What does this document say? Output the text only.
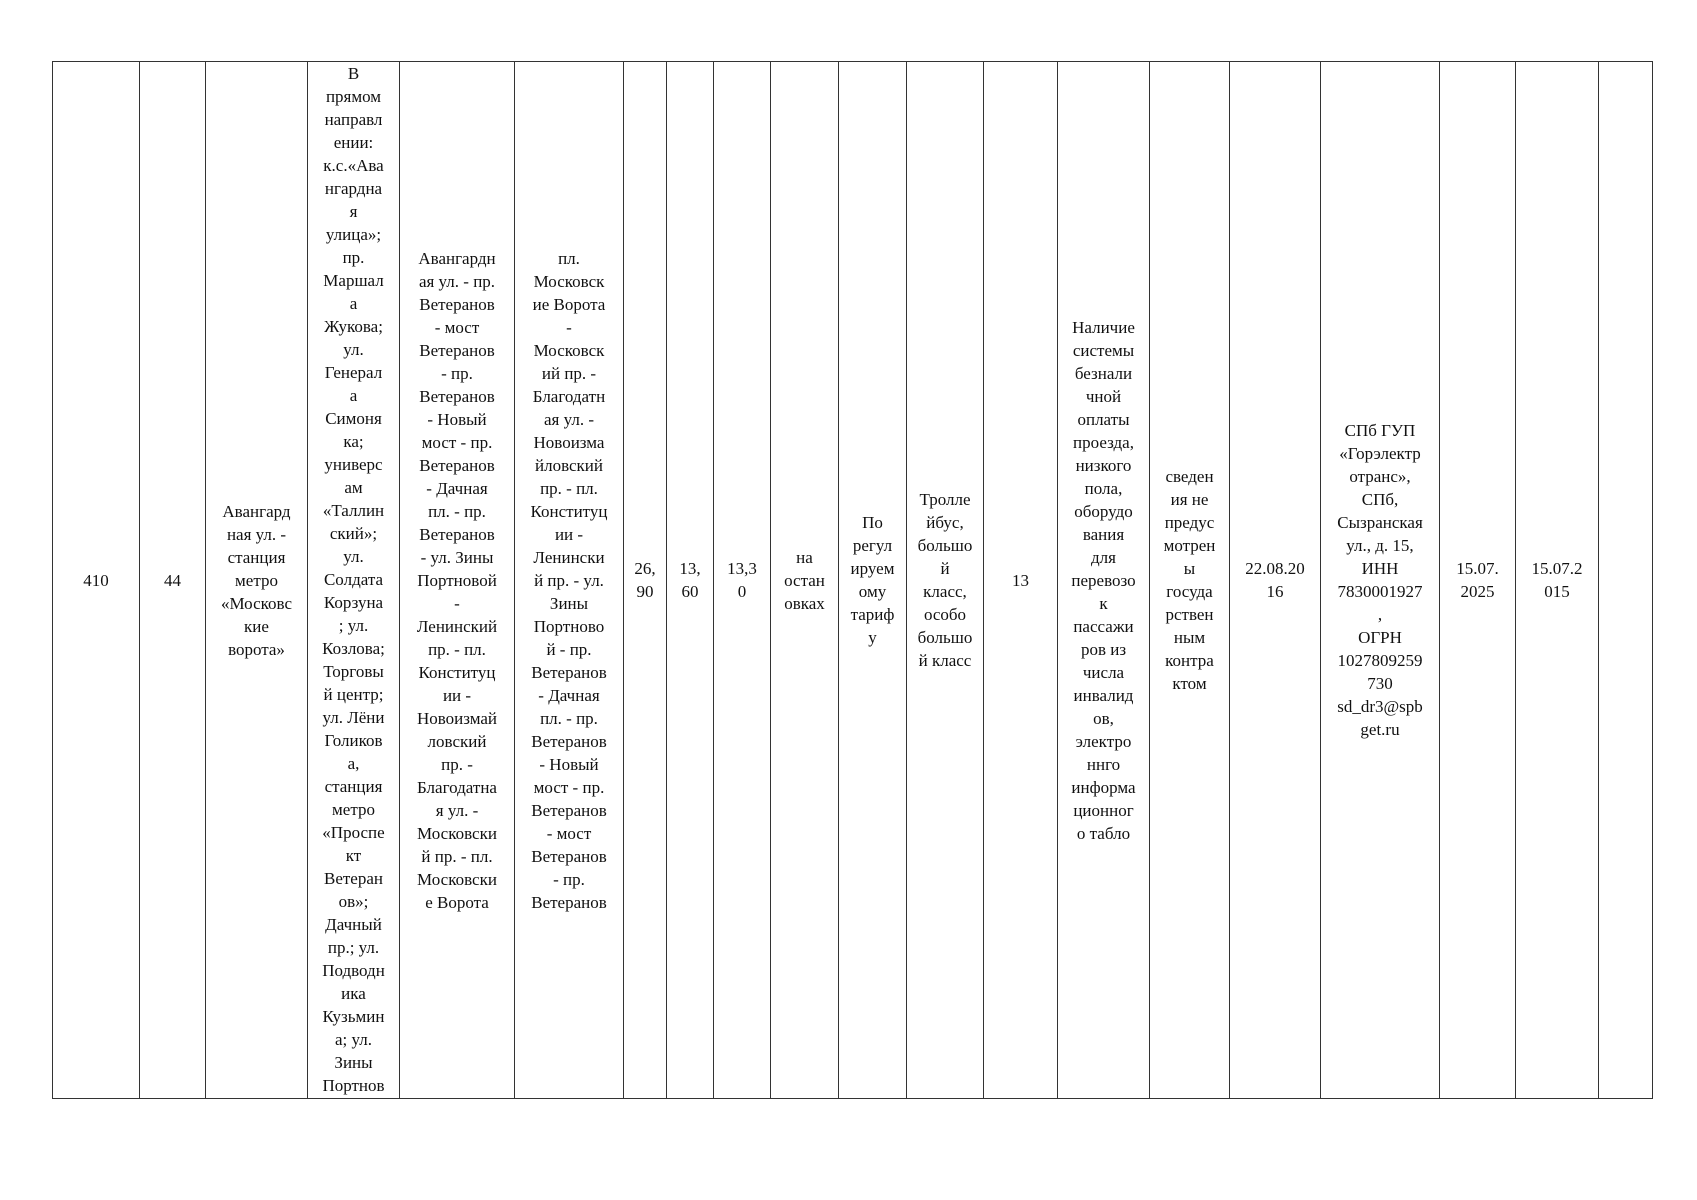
410	44	Авангард
ная ул. -
станция
метро
«Московс
кие
ворота»	В
прямом
направл
ении:
к.с.«Ава
нгардна
я
улица»;
пр.
Маршал
а
Жукова;
ул.
Генерал
а
Симоня
ка;
универс
ам
«Таллин
ский»;
ул.
Солдата
Корзуна
; ул.
Козлова;
Торговы
й центр;
ул. Лёни
Голиков
а,
станция
метро
«Проспе
кт
Ветеран
ов»;
Дачный
пр.; ул.
Подводн
ика
Кузьмин
а; ул.
Зины
Портнов	Авангардн
ая ул. - пр.
Ветеранов
- мост
Ветеранов
- пр.
Ветеранов
- Новый
мост - пр.
Ветеранов
- Дачная
пл. - пр.
Ветеранов
- ул. Зины
Портновой
-
Ленинский
пр. - пл.
Конституц
ии -
Новоизмай
ловский
пр. -
Благодатна
я ул. -
Московски
й пр. - пл.
Московски
е Ворота	пл.
Московск
ие Ворота
-
Московск
ий пр. -
Благодатн
ая ул. -
Новоизма
йловский
пр. - пл.
Конституц
ии -
Ленински
й пр. - ул.
Зины
Портново
й - пр.
Ветеранов
- Дачная
пл. - пр.
Ветеранов
- Новый
мост - пр.
Ветеранов
- мост
Ветеранов
- пр.
Ветеранов	26,
90	13,
60	13,3
0	на
остан
овках	По
регул
ируем
ому
тариф
у	Тролле
йбус,
большо
й
класс,
особо
большо
й класс	13	Наличие
системы
безнали
чной
оплаты
проезда,
низкого
пола,
оборудо
вания
для
перевозо
к
пассажи
ров из
числа
инвалид
ов,
электро
ннго
информа
ционног
о табло	сведен
ия не
предус
мотрен
ы
госуда
рствен
ным
контра
ктом	22.08.20
16	СПб ГУП
«Горэлектр
отранс»,
СПб,
Сызранская
ул., д. 15,
ИНН
7830001927
,
ОГРН
1027809259
730
sd_dr3@spb
get.ru	15.07.
2025	15.07.2
015	
